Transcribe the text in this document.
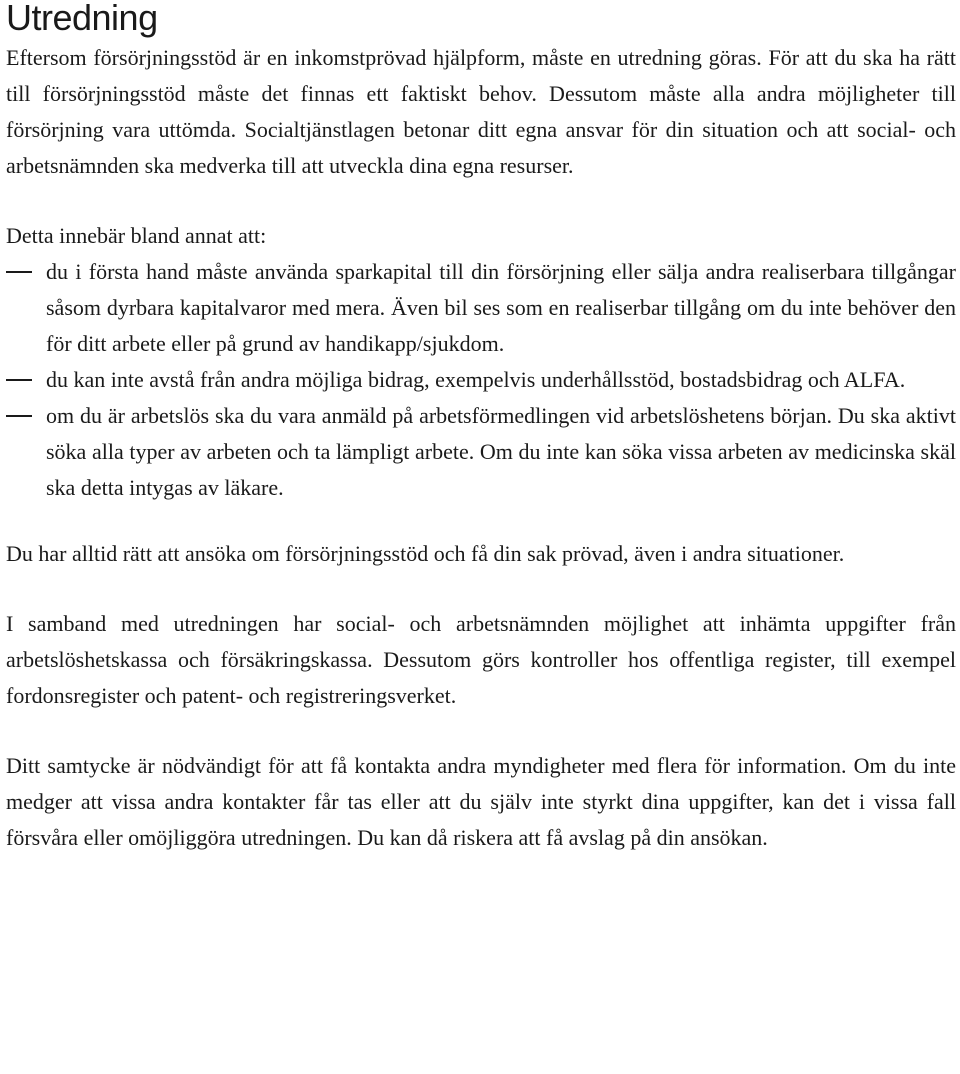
Utredning

Eftersom försörjningsstöd är en inkomstprövad hjälpform, måste en utredning göras. För att du ska ha rätt till försörjningsstöd måste det finnas ett faktiskt behov. Dessutom måste alla andra möjligheter till försörjning vara uttömda. Socialtjänstlagen betonar ditt egna ansvar för din situation och att social- och arbetsnämnden ska medverka till att utveckla dina egna resurser.

Detta innebär bland annat att:

du i första hand måste använda sparkapital till din försörjning eller sälja andra realiserbara tillgångar såsom dyrbara kapitalvaror med mera. Även bil ses som en realiserbar tillgång om du inte behöver den för ditt arbete eller på grund av handikapp/sjukdom.
du kan inte avstå från andra möjliga bidrag, exempelvis underhållsstöd, bostadsbidrag och ALFA.
om du är arbetslös ska du vara anmäld på arbetsförmedlingen vid arbetslöshetens början. Du ska aktivt söka alla typer av arbeten och ta lämpligt arbete. Om du inte kan söka vissa arbeten av medicinska skäl ska detta intygas av läkare.

Du har alltid rätt att ansöka om försörjningsstöd och få din sak prövad, även i andra situationer.

I samband med utredningen har social- och arbetsnämnden möjlighet att inhämta uppgifter från arbetslöshetskassa och försäkringskassa. Dessutom görs kontroller hos offentliga register, till exempel fordonsregister och patent- och registreringsverket.

Ditt samtycke är nödvändigt för att få kontakta andra myndigheter med flera för information. Om du inte medger att vissa andra kontakter får tas eller att du själv inte styrkt dina uppgifter, kan det i vissa fall försvåra eller omöjliggöra utredningen. Du kan då riskera att få avslag på din ansökan.
